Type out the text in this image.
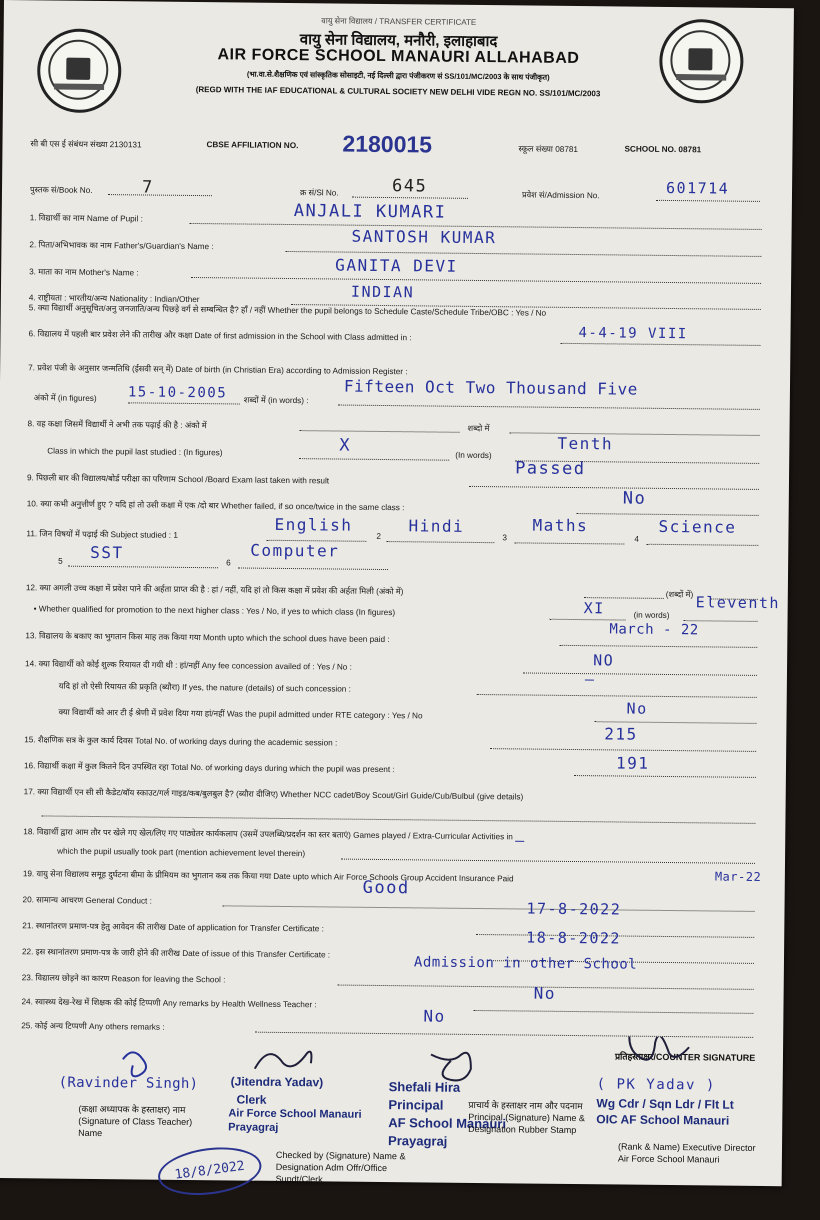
वायु सेना विद्यालय / TRANSFER CERTIFICATE
वायु सेना विद्यालय, मनौरी, इलाहाबाद
AIR FORCE SCHOOL MANAURI ALLAHABAD
(भा.वा.से.शैक्षणिक एवं सांस्कृतिक सोसाइटी, नई दिल्ली द्वारा पंजीकरण सं SS/101/MC/2003 के साथ पंजीकृत)
(REGD WITH THE IAF EDUCATIONAL & CULTURAL SOCIETY NEW DELHI VIDE REGN NO. SS/101/MC/2003
सी बी एस ई संबंधन संख्या 2130131	CBSE AFFILIATION NO. 2180015	स्कूल संख्या 08781	SCHOOL NO. 08781
पुस्तक सं/Book No.	7	क्र सं/Sl No.	645	प्रवेश सं/Admission No.	601714
1. विद्यार्थी का नाम Name of Pupil :	ANJALI KUMARI
2. पिता/अभिभावक का नाम Father's/Guardian's Name :	SANTOSH KUMAR
3. माता का नाम Mother's Name :	GANITA DEVI
4. राष्ट्रीयता : भारतीय/अन्य Nationality : Indian/Other	INDIAN
5. क्या विद्यार्थी अनुसूचित/अनु जनजाति/अन्य पिछड़े वर्ग से सम्बन्धित है? हाँ / नहीं Whether the pupil belongs to Schedule Caste/Schedule Tribe/OBC : Yes / No
6. विद्यालय में पहली बार प्रवेश लेने की तारीख और कक्षा Date of first admission in the School with Class admitted in :	4-4-19 VIII
7. प्रवेश पंजी के अनुसार जन्मतिथि (ईसवी सन् में) Date of birth (in Christian Era) according to Admission Register :
अंको में (in figures) 15-10-2005 शब्दों में (in words) :
Fifteen Oct Two Thousand Five
8. वह कक्षा जिसमें विद्यार्थी ने अभी तक पढ़ाई की है : अंको में	शब्दो में
Class in which the pupil last studied : (In figures)	X	(In words)
Tenth
9. पिछली बार की विद्यालय/बोर्ड परीक्षा का परिणाम School /Board Exam last taken with result
Passed
10. क्या कभी अनुत्तीर्ण हुए ? यदि हां तो उसी कक्षा में एक /दो बार Whether failed, if so once/twice in the same class :	No
11. जिन विषयों में पढ़ाई की Subject studied : 1	English
2
Hindi
3
Maths
4
Science
5 SST
6
Computer
12. क्या अगली उच्च कक्षा में प्रवेश पाने की अर्हता प्राप्त की है : हां / नहीं, यदि हां तो किस कक्षा में प्रवेश की अर्हता मिली (अंको में)	(शब्दों में)
• Whether qualified for promotion to the next higher class : Yes / No, if yes to which class (In figures)	XI	(in words)
Eleventh
13. विद्यालय के बकाए का भुगतान किस माह तक किया गया Month upto which the school dues have been paid :	March - 22
14. क्या विद्यार्थी को कोई शुल्क रियायत दी गयी थी : हां/नहीं Any fee concession availed of : Yes / No :	NO
यदि हां तो ऐसी रियायत की प्रकृति (ब्यौरा) If yes, the nature (details) of such concession :	—
क्या विद्यार्थी को आर टी ई श्रेणी में प्रवेश दिया गया हां/नहीं Was the pupil admitted under RTE category : Yes / No	No
15. शैक्षणिक सत्र के कुल कार्य दिवस Total No. of working days during the academic session :	215
16. विद्यार्थी कक्षा में कुल कितने दिन उपस्थित रहा Total No. of working days during which the pupil was present :	191
17. क्या विद्यार्थी एन सी सी कैडेट/बॉय स्काउट/गर्ल गाइड/कब/बुलबुल है? (ब्यौरा दीजिए) Whether NCC cadet/Boy Scout/Girl Guide/Cub/Bulbul (give details)
18. विद्यार्थी द्वारा आम तौर पर खेले गए खेल/लिए गए पाठ्येतर कार्यकलाप (उसमें उपलब्धि/प्रदर्शन का स्तर बताएं) Games played / Extra-Curricular Activities in
which the pupil usually took part (mention achievement level therein)
—
19. वायु सेना विद्यालय समूह दुर्घटना बीमा के प्रीमियम का भुगतान कब तक किया गया Date upto which Air Force Schools Group Accident Insurance Paid	Mar-22
20. सामान्य आचरण General Conduct :
Good
21. स्थानांतरण प्रमाण-पत्र हेतु आवेदन की तारीख Date of application for Transfer Certificate :
17-8-2022
22. इस स्थानांतरण प्रमाण-पत्र के जारी होने की तारीख Date of issue of this Transfer Certificate :
18-8-2022
23. विद्यालय छोड़ने का कारण Reason for leaving the School :
Admission in other School
24. स्वास्थ्य देख-रेख में शिक्षक की कोई टिप्पणी Any remarks by Health Wellness Teacher :
No
25. कोई अन्य टिप्पणी Any others remarks :
No
प्रतिहस्ताक्षर/COUNTER SIGNATURE
(Ravinder Singh)
(कक्षा अध्यापक के हस्ताक्षर) नाम (Signature of Class Teacher) Name
(Jitendra Yadav)
Clerk
Air Force School Manauri Prayagraj
Checked by (Signature) Name & Designation Adm Offr/Office Supdt/Clerk
18/8/2022
Shefali Hira
Principal
AF School Manauri
Prayagraj
प्राचार्य के हस्ताक्षर नाम और पदनाम Principal (Signature) Name & Designation Rubber Stamp
( PK Yadav )
Wg Cdr / Sqn Ldr / Flt Lt
OIC AF School Manauri
(Rank & Name) Executive Director Air Force School Manauri
